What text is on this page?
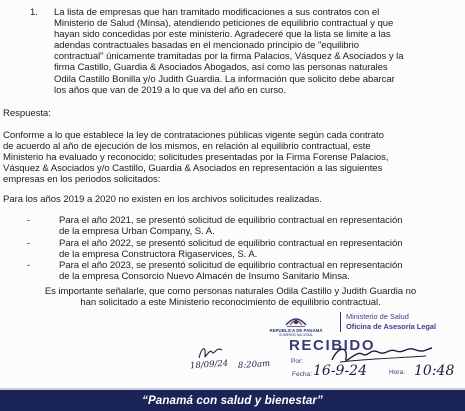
1. La lista de empresas que han tramitado modificaciones a sus contratos con el
Ministerio de Salud (Minsa), atendiendo peticiones de equilibrio contractual y que
hayan sido concedidas por este ministerio. Agradeceré que la lista se limite a las
adendas contractuales basadas en el mencionado principio de "equilibrio
contractual" únicamente tramitadas por la firma Palacios, Vásquez & Asociados y la
firma Castillo, Guardia & Asociados Abogados, así como las personas naturales
Odila Castillo Bonilla y/o Judith Guardia. La información que solicito debe abarcar
los años que van de 2019 a lo que va del año en curso.
Respuesta:
Conforme a lo que establece la ley de contrataciones públicas vigente según cada contrato
de acuerdo al año de ejecución de los mismos, en relación al equilibrio contractual, este
Ministerio ha evaluado y reconocido; solicitudes presentadas por la Firma Forense Palacios,
Vásquez & Asociados y/o Castillo, Guardia & Asociados en representación a las siguientes
empresas en los periodos solicitados:
Para los años 2019 a 2020 no existen en los archivos solicitudes realizadas.
-	Para el año 2021, se presentó solicitud de equilibrio contractual en representación
de la empresa Urban Company, S. A.
-	Para el año 2022, se presentó solicitud de equilibrio contractual en representación
de la empresa Constructora Rigaservices, S. A.
-	Para el año 2023, se presentó solicitud de equilibrio contractual en representación
de la empresa Consorcio Nuevo Almacén de Insumo Sanitario Minsa.
Es importante señalarle, que como personas naturales Odila Castillo y Judith Guardia no
han solicitado a este Ministerio reconocimiento de equilibrio contractual.
REPÚBLICA DE PANAMÁ
GOBIERNO NACIONAL
Ministerio de Salud
Oficina de Asesoría Legal
RECIBIDO
Por:
Fecha:	Hora:
16-9-24	10:48
18/09/24 8:20am
“Panamá con salud y bienestar”
